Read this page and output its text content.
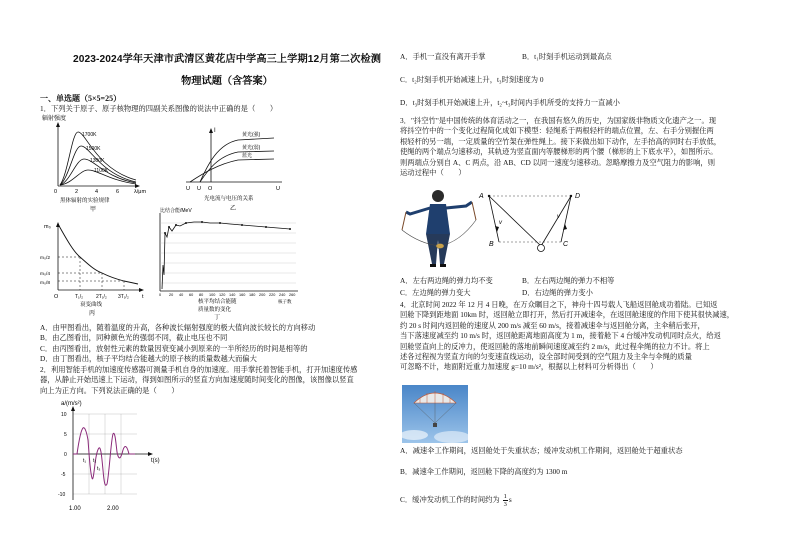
2023-2024学年天津市武清区黄花店中学高三上学期12月第二次检测
物理试题（含答案）
一、单选题（5×5=25）
1．下列关于原子、原子核物理的四副关系图像的说法中正确的是（　　）
辐射强度
1700K
1500K
1300K
1100K
0	2	4	6	λ/μm
黑体辐射的实验规律
甲
I
黄光(强)
黄光(弱)
蓝光
U U O	U
光电流与电压的关系
乙
m₀
m₀/2
m₀/4
m₀/8
O	T₁/₂	2T₁/₂ 3T₁/₂ t
衰变曲线
丙
比结合能/MeV
0 20 40 60 80 100 120 140 160 180 200 220 240 260
核子数
核平均结合能随
质量数的变化
丁
A．由甲图看出，随着温度的升高，各种波长辐射强度的极大值向波长较长的方向移动
B．由乙图看出，同种颜色光的强弱不同，截止电压也不同
C．由丙图看出，放射性元素的数量因衰变减小到原来的一半所经历的时间是相等的
D．由丁图看出，核子平均结合能越大的原子核的质量数越大而偏大
2．利用智能手机的加速度传感器可测量手机自身的加速度。用手掌托着智能手机，打开加速度传感
器，从静止开始迅速上下运动，得到如图所示的竖直方向加速度随时间变化的图像，该图像以竖直
向上为正方向。下列说法正确的是（　　）
a/(m/s²)
10
5
0
-5
-10
t₁ t₂
t₃
t(s)
1.00	2.00
A．手机一直没有离开手掌	B．t₁时刻手机运动到最高点
C．t₂时刻手机开始减速上升，t₃时刻速度为 0
D．t₃时刻手机开始减速上升，t₂~t₃时间内手机所受的支持力一直减小
3．"抖空竹"是中国传统的体育活动之一，在我国有悠久的历史，为国家级非物质文化遗产之一。现
将抖空竹中的一个变化过程简化成如下模型：轻绳系于两根轻杆的端点位置，左、右手分别握住两
根轻杆的另一端，一定质量的空竹架在弹性绳上。接下来做出如下动作，左手抬高的同时右手放低，
使绳的两个端点匀速移动，其轨迹为竖直面内等腰梯形的两个腰（梯形的上下底水平），如图所示。
则两端点分别自 A、C 两点，沿 AB、CD 以同一速度匀速移动。忽略摩擦力及空气阻力的影响，则
运动过程中（　　）
A	D
B	C
v
v
A．左右两边绳的弹力均不变	B．左右两边绳的弹力不相等
C．左边绳的弹力变大	D．右边绳的弹力变小
4．北京时间 2022 年 12 月 4 日晚，在万众瞩目之下，神舟十四号载人飞船返回舱成功着陆。已知返
回舱下降到距地面 10km 时，返回舱立即打开，然后打开减速伞，在返回舱速度的作用下使其很快减速，
约 20 s 时间内返回舱的速度从 200 m/s 减至 60 m/s，接着减速伞与返回舱分离，主伞稍后张开，
当下落速度减至约 10 m/s 时，返回舱距离地面高度为 1 m，接着舱下 4 台缓冲发动机同时点火，给返
回舱竖直向上的反冲力，使返回舱的落地前瞬间速度减至约 2 m/s，此过程伞绳的拉力不计。将上
述各过程视为竖直方向的匀变速直线运动，设全部时间受到的空气阻力及主伞与伞绳的质量
可忽略不计，地面附近重力加速度 g=10 m/s²，根据以上材料可分析得出（　　）
A．减速伞工作期间，返回舱处于失重状态；缓冲发动机工作期间，返回舱处于超重状态
B．减速伞工作期间，返回舱下降的高度约为 1300 m
C．缓冲发动机工作的时间约为 $\frac{1}{3}$ s
